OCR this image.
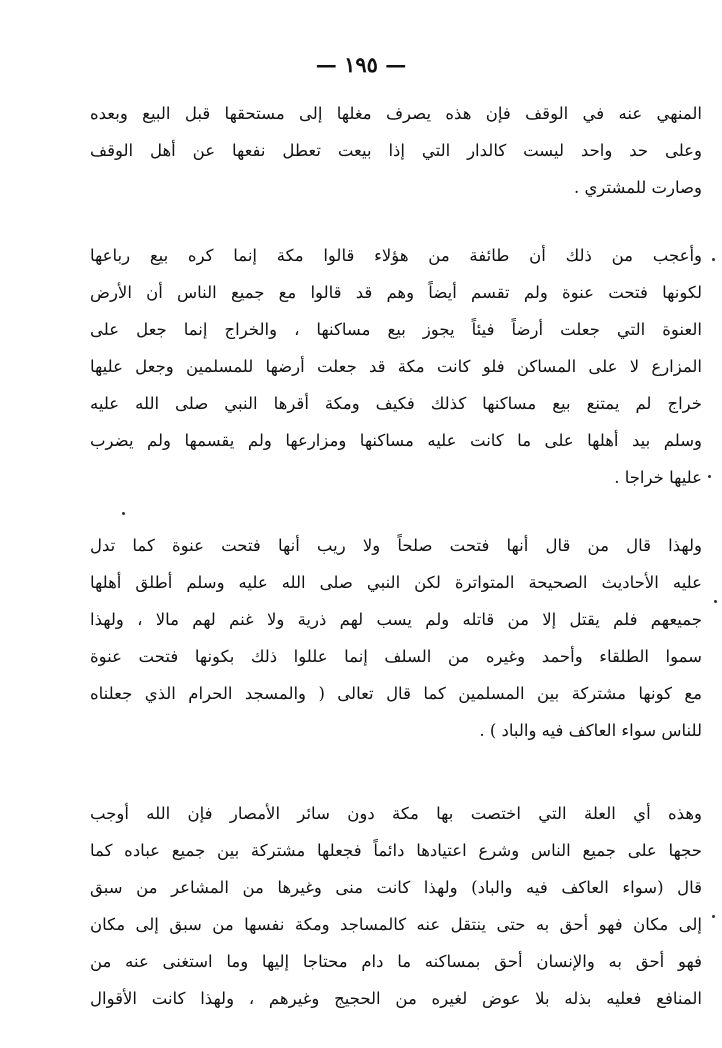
— ١٩٥ —
المنهي عنه في الوقف فإن هذه يصرف مغلها إلى مستحقها قبل البيع وبعده
وعلى حد واحد ليست كالدار التي إذا بيعت تعطل نفعها عن أهل الوقف
وصارت للمشتري .
وأعجب من ذلك أن طائفة من هؤلاء قالوا مكة إنما كره بيع رباعها
لكونها فتحت عنوة ولم تقسم أيضاً وهم قد قالوا مع جميع الناس أن الأرض
العنوة التي جعلت أرضاً فيئاً يجوز بيع مساكنها ، والخراج إنما جعل على
المزارع لا على المساكن فلو كانت مكة قد جعلت أرضها للمسلمين وجعل عليها
خراج لم يمتنع بيع مساكنها كذلك فكيف ومكة أقرها النبي صلى الله عليه
وسلم بيد أهلها على ما كانت عليه مساكنها ومزارعها ولم يقسمها ولم يضرب
عليها خراجا .
ولهذا قال من قال أنها فتحت صلحاً ولا ريب أنها فتحت عنوة كما تدل
عليه الأحاديث الصحيحة المتواترة لكن النبي صلى الله عليه وسلم أطلق أهلها
جميعهم فلم يقتل إلا من قاتله ولم يسب لهم ذرية ولا غنم لهم مالا ، ولهذا
سموا الطلقاء وأحمد وغيره من السلف إنما عللوا ذلك بكونها فتحت عنوة
مع كونها مشتركة بين المسلمين كما قال تعالى ( والمسجد الحرام الذي جعلناه
للناس سواء العاكف فيه والباد ) .
وهذه أي العلة التي اختصت بها مكة دون سائر الأمصار فإن الله أوجب
حجها على جميع الناس وشرع اعتيادها دائماً فجعلها مشتركة بين جميع عباده كما
قال (سواء العاكف فيه والباد) ولهذا كانت منى وغيرها من المشاعر من سبق
إلى مكان فهو أحق به حتى ينتقل عنه كالمساجد ومكة نفسها من سبق إلى مكان
فهو أحق به والإنسان أحق بمساكنه ما دام محتاجا إليها وما استغنى عنه من
المنافع فعليه بذله بلا عوض لغيره من الحجيج وغيرهم ، ولهذا كانت الأقوال
